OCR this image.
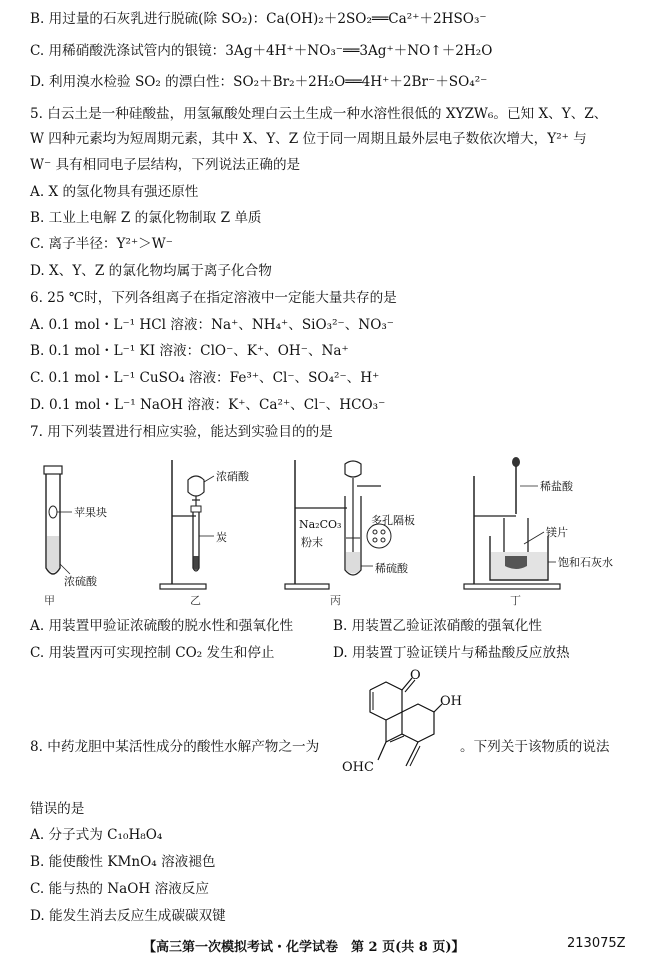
B. 用过量的石灰乳进行脱硫(除 SO₂)：Ca(OH)₂＋2SO₂══Ca²⁺＋2HSO₃⁻
C. 用稀硝酸洗涤试管内的银镜：3Ag＋4H⁺＋NO₃⁻══3Ag⁺＋NO↑＋2H₂O
D. 利用溴水检验 SO₂ 的漂白性：SO₂＋Br₂＋2H₂O══4H⁺＋2Br⁻＋SO₄²⁻
5. 白云土是一种硅酸盐，用氢氟酸处理白云土生成一种水溶性很低的 XYZW₆。已知 X、Y、Z、
W 四种元素均为短周期元素，其中 X、Y、Z 位于同一周期且最外层电子数依次增大，Y²⁺ 与
W⁻ 具有相同电子层结构，下列说法正确的是
A. X 的氢化物具有强还原性
B. 工业上电解 Z 的氯化物制取 Z 单质
C. 离子半径：Y²⁺＞W⁻
D. X、Y、Z 的氯化物均属于离子化合物
6. 25 ℃时，下列各组离子在指定溶液中一定能大量共存的是
A. 0.1 mol・L⁻¹ HCl 溶液：Na⁺、NH₄⁺、SiO₃²⁻、NO₃⁻
B. 0.1 mol・L⁻¹ KI 溶液：ClO⁻、K⁺、OH⁻、Na⁺
C. 0.1 mol・L⁻¹ CuSO₄ 溶液：Fe³⁺、Cl⁻、SO₄²⁻、H⁺
D. 0.1 mol・L⁻¹ NaOH 溶液：K⁺、Ca²⁺、Cl⁻、HCO₃⁻
7. 用下列装置进行相应实验，能达到实验目的的是
苹果块
浓硫酸
甲
浓硝酸
炭
乙
Na₂CO₃
粉末
多孔隔板
稀硫酸
丙
稀盐酸
镁片
饱和石灰水
丁
A. 用装置甲验证浓硫酸的脱水性和强氧化性	B. 用装置乙验证浓硝酸的强氧化性
C. 用装置丙可实现控制 CO₂ 发生和停止	D. 用装置丁验证镁片与稀盐酸反应放热
8. 中药龙胆中某活性成分的酸性水解产物之一为	。下列关于该物质的说法
O
OH
OHC
错误的是
A. 分子式为 C₁₀H₈O₄
B. 能使酸性 KMnO₄ 溶液褪色
C. 能与热的 NaOH 溶液反应
D. 能发生消去反应生成碳碳双键
【高三第一次模拟考试・化学试卷　第 2 页(共 8 页)】	213075Z
